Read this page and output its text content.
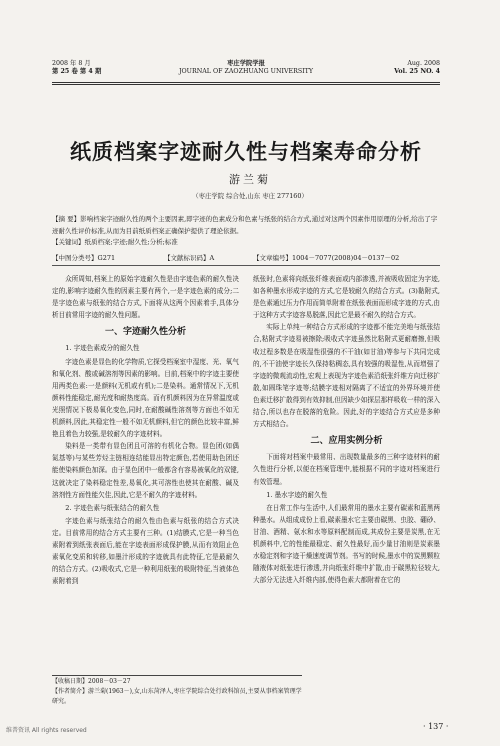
2008 年 8 月
第 25 卷 第 4 期
枣庄学院学报
JOURNAL OF ZAOZHUANG UNIVERSITY
Aug. 2008
Vol. 25 NO. 4
纸质档案字迹耐久性与档案寿命分析
游兰菊
（枣庄学院 综合处,山东 枣庄 277160）

【摘 要】影响档案字迹耐久性的两个主要因素,即字迹的色素成分和色素与纸张的结合方式,通过对这两个因素作用原理的分析,给出了字迹耐久性评价标准,从而为目前纸质档案正确保护提供了理论依据。

【关键词】纸质档案;字迹;耐久性;分析;标准

【中图分类号】G271	【文献标识码】A	【文章编号】1004－7077(2008)04－0137－02

众所周知,档案上的原始字迹耐久性是由字迹色素的耐久性决定的,影响字迹耐久性的因素主要有两个,一是字迹色素的成分;二是字迹色素与纸张的结合方式,下面将从这两个因素着手,具体分析目前常用字迹的耐久性问题。

一、字迹耐久性分析
1. 字迹色素成分的耐久性

字迹色素是显色的化学物质,它探受档案室中湿度、光、氧气和氧化剂、酸或碱溶剂等因素的影响。目前,档案中的字迹主要使用两类色素:一是颜料(无机或有机);二是染料。通常情况下,无机颜料性能稳定,耐光度和耐热度高。而有机颜料因为在异常温度或光照情况下极易氧化变色,同时,在耐酸碱性溶剂等方面也不如无机颜料,因此,其稳定性一般不如无机颜料,但它的颜色比较丰富,鲜艳且着色力较强,是较耐久的字迹材料。

染料是一类带有显色团且可溶的有机化合物。显色团(如偶氮基等)与某些芳烃主链相连结能显出特定颜色,若使用助色团还能使染料颜色加深。由于显色团中一般都含有容易被氧化的双键,这就决定了染料稳定性差,易氧化,其可溶性也使其在耐酸、碱及溶剂性方面性能欠佳,因此,它是不耐久的字迹材料。

2. 字迹色素与纸张结合的耐久性

字迹色素与纸张结合的耐久性由色素与纸张的结合方式决定。目前常用的结合方式主要有三种。(1)结膜式,它是一种当色素附着到纸张表面后,能在字迹表面形成保护膜,从而有效阻止色素氧化变质和转移,如墨汁形成的字迹就具有此特征,它是最耐久的结合方式。(2)吸收式,它是一种利用纸张的吸附特征,当液体色素附着到

纸张时,色素将向纸张纤维表面或内部渗透,并被吸收固定为字迹,如各种墨水形成字迹的方式,它是较耐久的结合方式。(3)黏附式,是色素通过压力作用而简单附着在纸张表面而形成字迹的方式,由于这种方式字迹容易脱落,因此它是最不耐久的结合方式。

实际上单纯一种结合方式形成的字迹都不能完美地与纸张结合,粘附式字迹易被擦除;吸收式字迹虽然比粘附式更耐磨擦,但吸收过程多数是在吸湿性很强的不干油(如甘油)等参与下共同完成的,不干油使字迹长久保持粘稠态,具有较强的吸湿性,从而增强了字迹的微观流动性,宏观上表现为字迹色素沿纸张纤维方向迁移扩散,如圆珠笔字迹等;结膜字迹相对隔离了不适宜的外界环境并使色素迁移扩散得到有效抑制,但因缺少如探层那样吸收一样的深入结合,所以也存在脱落的危险。因此,好的字迹结合方式应是多种方式相结合。

二、应用实例分析

下面将对档案中最常用、出现数量最多的三种字迹材料的耐久性进行分析,以便在档案管理中,能根据不同的字迹对档案进行有效管理。

1. 墨水字迹的耐久性

在日常工作与生活中,人们最常用的墨水主要有碳素和蓝黑两种墨水。从组成成份上看,碳素墨水它主要由碳黑、虫胶、硼砂、甘油、酒精、氨水和水等原料配制而成,其成份主要是炭黑,在无机颜料中,它的性能最稳定、耐久性最好,而少量甘油则是炭素墨水稳定剂和字迹干燥速度调节剂。书写的时候,墨水中的炭黑颗粒随液体对纸张进行渗透,并向纸张纤维中扩散,由于碳黑粒径较大,大部分无法进入纤维内部,使得色素大都附着在它的

【收稿日期】2008－03－27
【作者简介】游兰菊(1963－),女,山东菏泽人,枣庄学院综合处行政科馆员,主要从事档案管理学研究。
· 137 ·
维普资讯 All rights reserved
